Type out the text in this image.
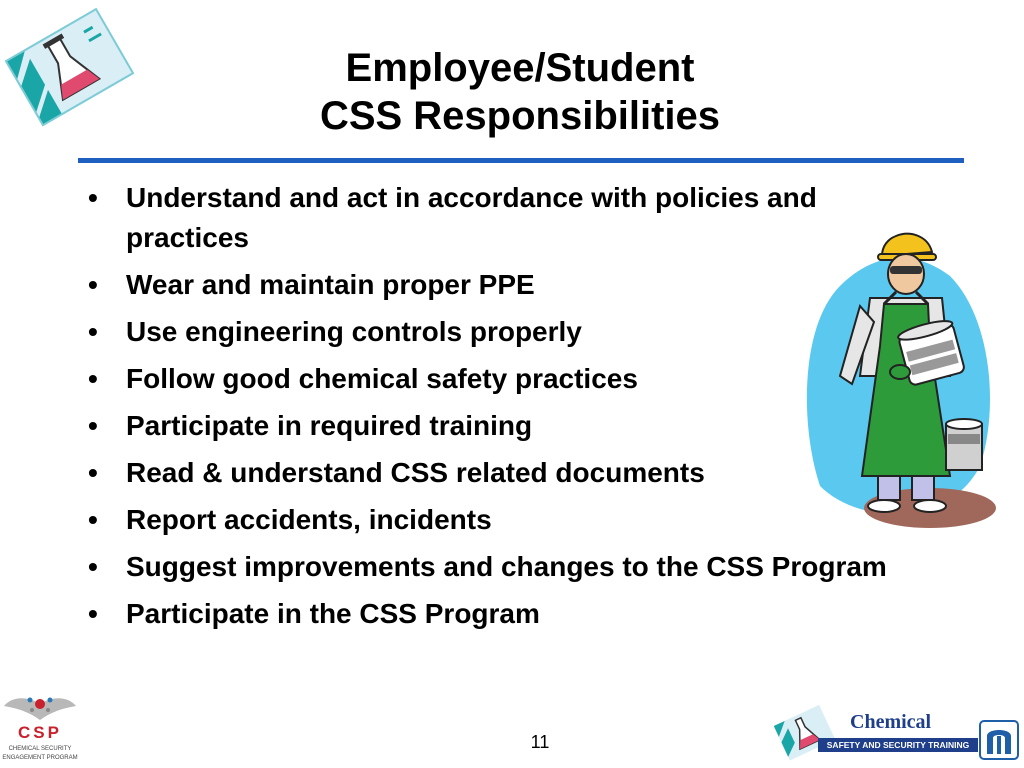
Employee/Student
CSS Responsibilities
• Understand and act in accordance with policies and practices
• Wear and maintain proper PPE
• Use engineering controls properly
• Follow good chemical safety practices
• Participate in required training
• Read & understand CSS related documents
• Report accidents, incidents
• Suggest improvements and changes to the CSS Program
• Participate in the CSS Program
CSP
CHEMICAL SECURITY
ENGAGEMENT PROGRAM
11
Chemical
SAFETY AND SECURITY TRAINING
